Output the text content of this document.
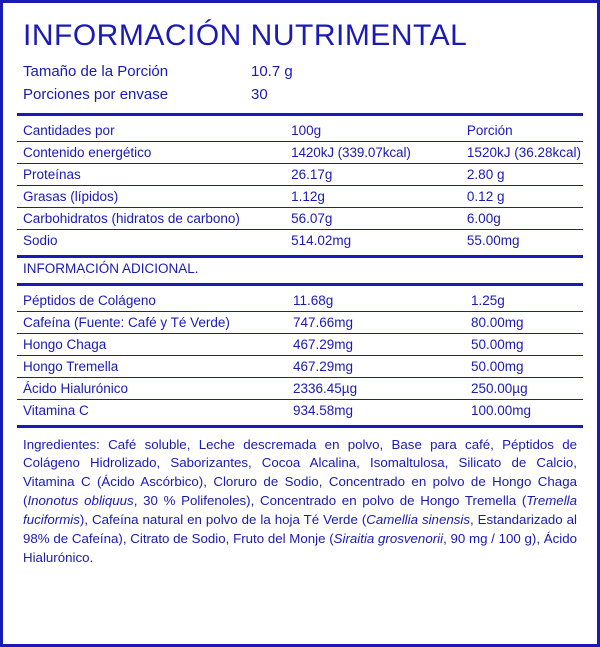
INFORMACIÓN NUTRIMENTAL
Tamaño de la Porción	10.7 g
Porciones por envase	30
Cantidades por	100g	Porción
Contenido energético	1420kJ (339.07kcal)	1520kJ (36.28kcal)
Proteínas	26.17g	2.80 g
Grasas (lípidos)	1.12g	0.12 g
Carbohidratos (hidratos de carbono)	56.07g	6.00g
Sodio	514.02mg	55.00mg
INFORMACIÓN ADICIONAL.
Péptidos de Colágeno	11.68g	1.25g
Cafeína (Fuente: Café y Té Verde)	747.66mg	80.00mg
Hongo Chaga	467.29mg	50.00mg
Hongo Tremella	467.29mg	50.00mg
Ácido Hialurónico	2336.45µg	250.00µg
Vitamina C	934.58mg	100.00mg
Ingredientes: Café soluble, Leche descremada en polvo, Base para café, Péptidos de Colágeno Hidrolizado, Saborizantes, Cocoa Alcalina, Isomaltulosa, Silicato de Calcio, Vitamina C (Ácido Ascórbico), Cloruro de Sodio, Concentrado en polvo de Hongo Chaga (Inonotus obliquus, 30 % Polifenoles), Concentrado en polvo de Hongo Tremella (Tremella fuciformis), Cafeína natural en polvo de la hoja Té Verde (Camellia sinensis, Estandarizado al 98% de Cafeína), Citrato de Sodio, Fruto del Monje (Siraitia grosvenorii, 90 mg / 100 g), Ácido Hialurónico.
